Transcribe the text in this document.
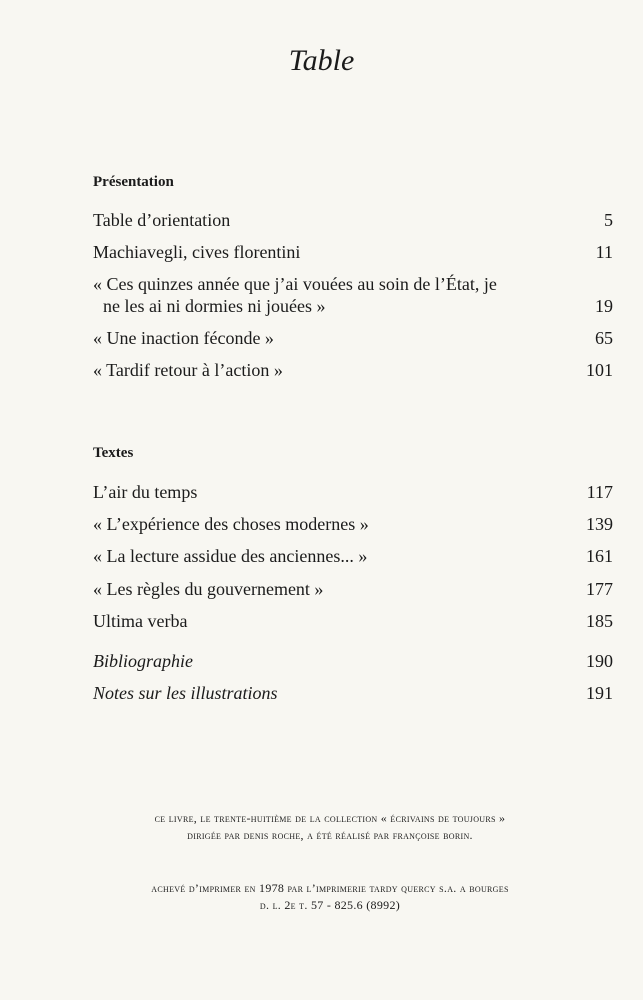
Table
Présentation
Table d’orientation	5
Machiavegli, cives florentini	11
« Ces quinzes année que j’ai vouées au soin de l’État, je
ne les ai ni dormies ni jouées »	19
« Une inaction féconde »	65
« Tardif retour à l’action »	101
Textes
L’air du temps	117
« L’expérience des choses modernes »	139
« La lecture assidue des anciennes... »	161
« Les règles du gouvernement »	177
Ultima verba	185
Bibliographie	190
Notes sur les illustrations	191
ce livre, le trente-huitième de la collection « écrivains de toujours »
dirigée par denis roche, a été réalisé par françoise borin.
achevé d’imprimer en 1978 par l’imprimerie tardy quercy s.a. a bourges
d. l. 2e t. 57 - 825.6 (8992)
